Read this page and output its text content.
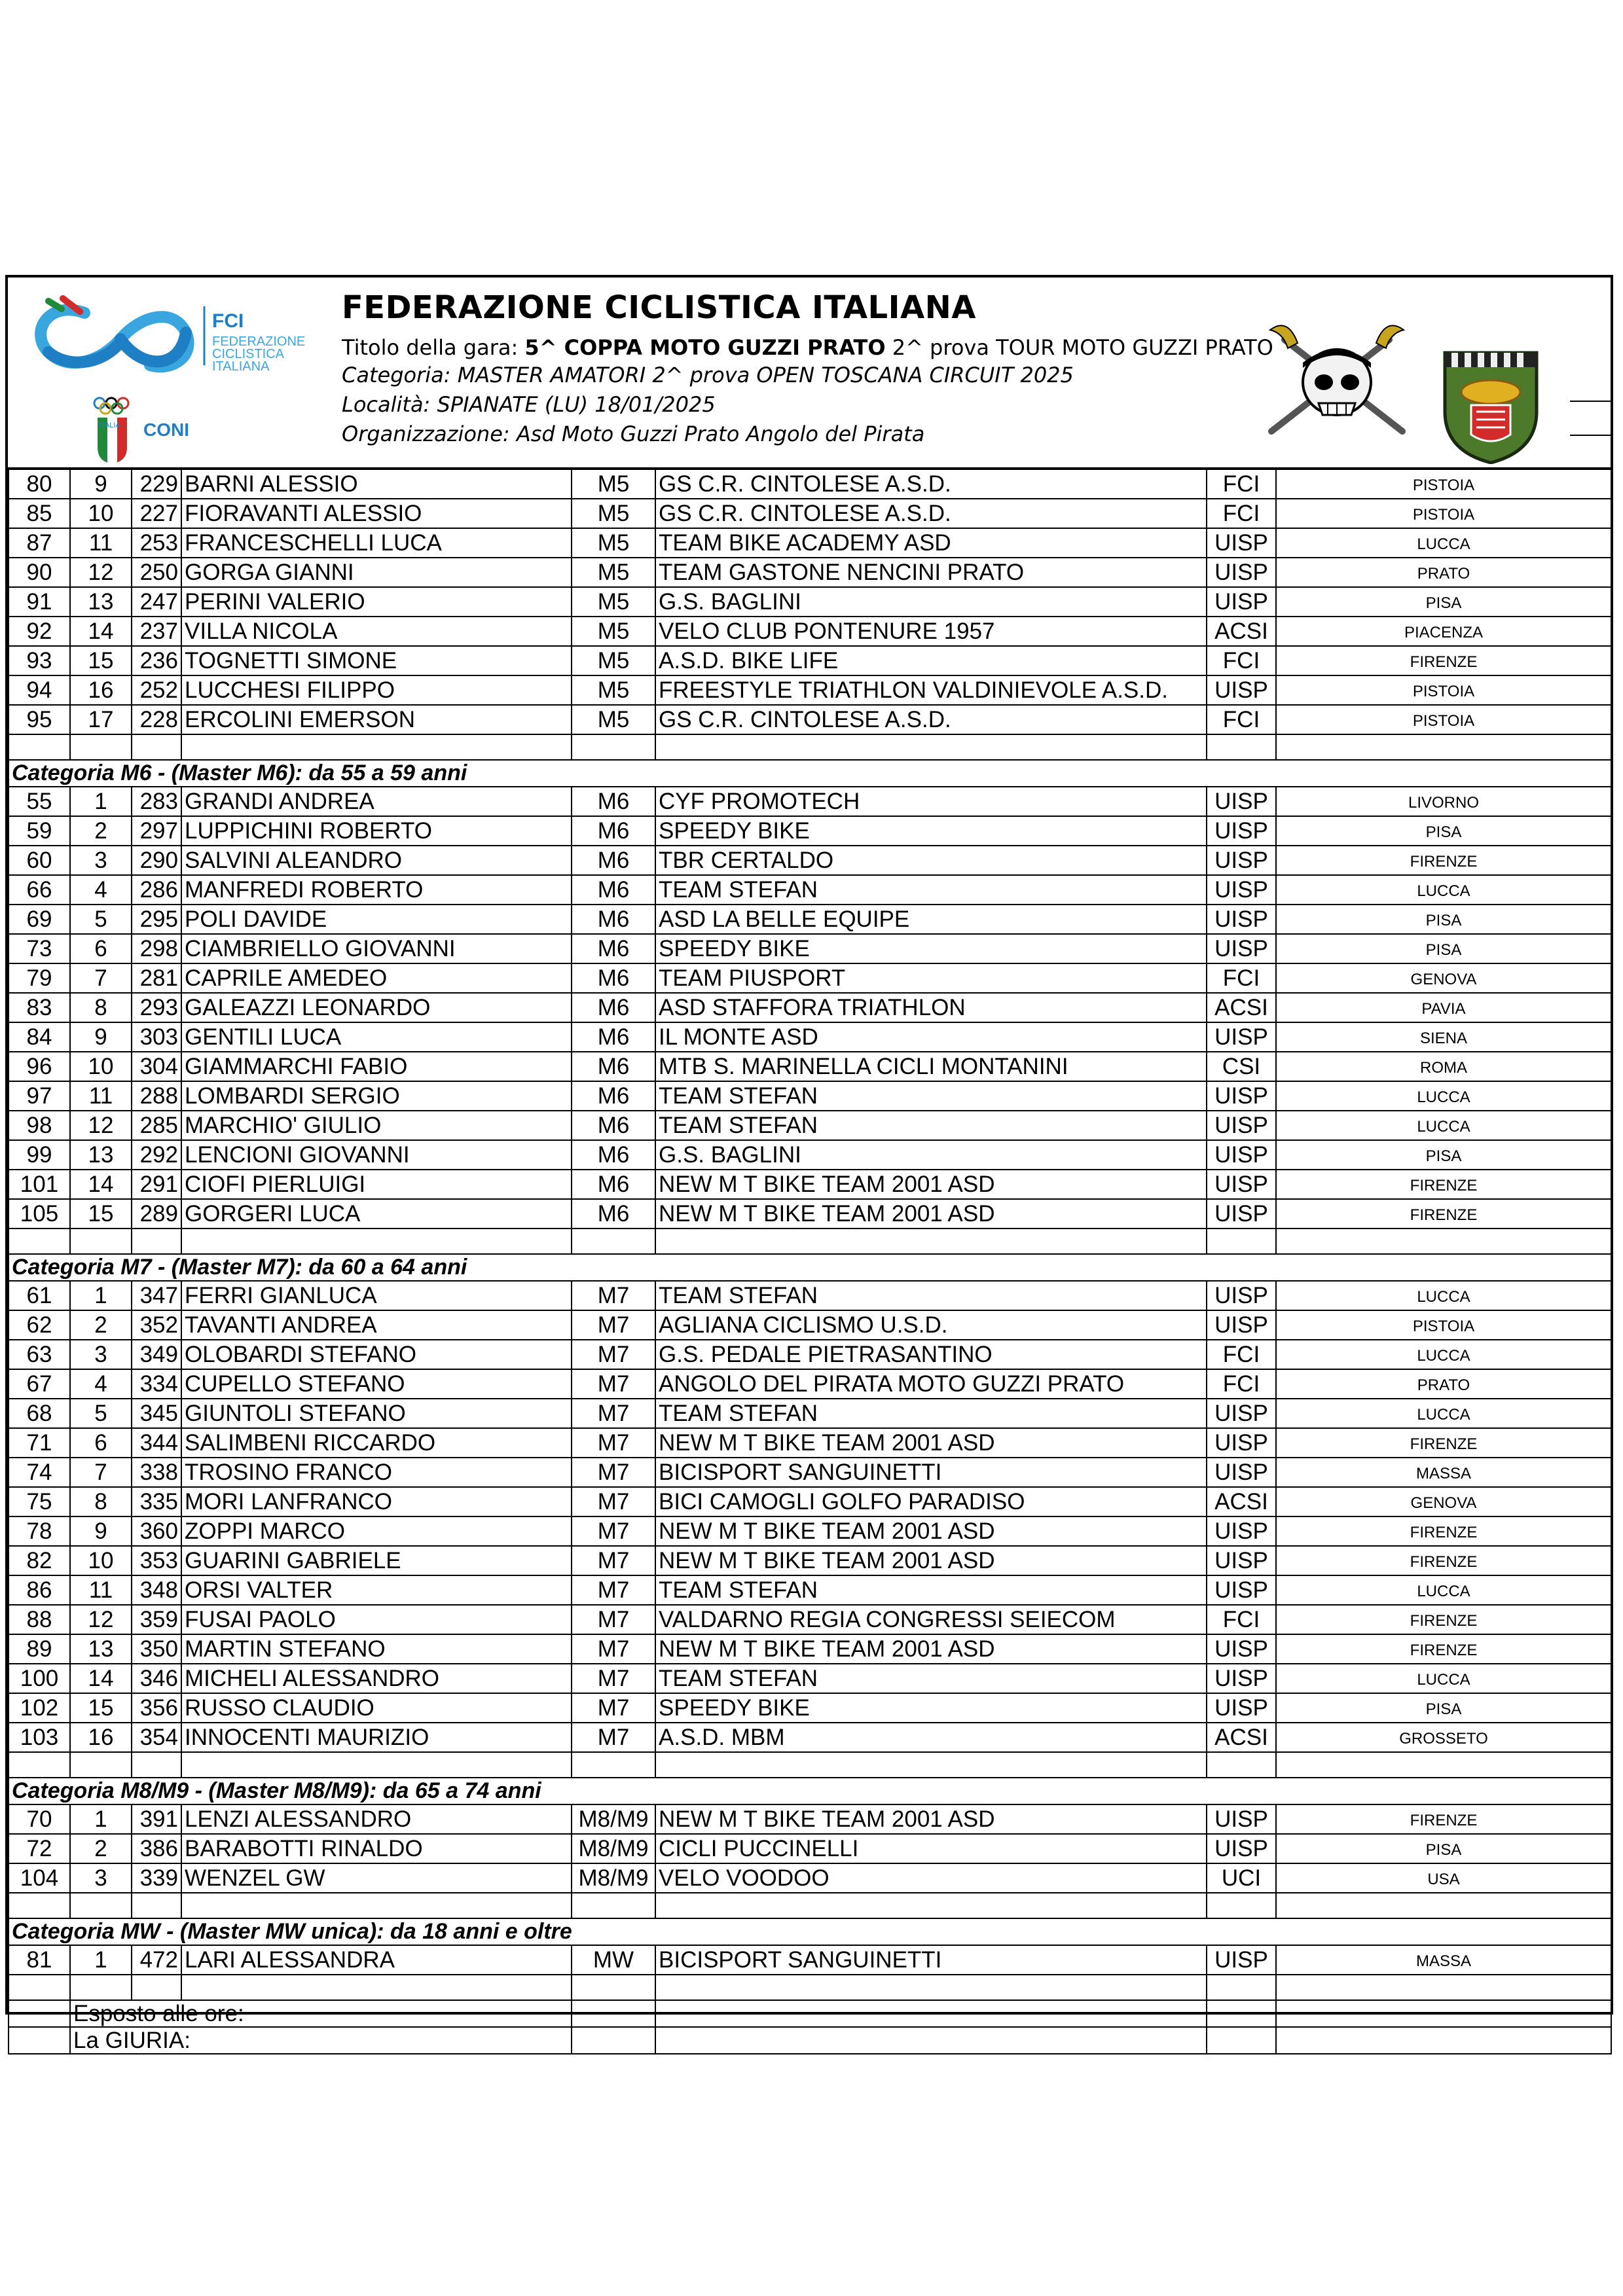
FCI
FEDERAZIONE
CICLISTICA
ITALIANA
ITALIA CONI
FEDERAZIONE CICLISTICA ITALIANA
Titolo della gara: 5^ COPPA MOTO GUZZI PRATO 2^ prova TOUR MOTO GUZZI PRATO
Categoria: MASTER AMATORI 2^ prova OPEN TOSCANA CIRCUIT 2025
Località: SPIANATE (LU) 18/01/2025
Organizzazione: Asd Moto Guzzi Prato Angolo del Pirata
80	9	229	BARNI ALESSIO	M5	GS C.R. CINTOLESE A.S.D.	FCI	PISTOIA
85	10	227	FIORAVANTI ALESSIO	M5	GS C.R. CINTOLESE A.S.D.	FCI	PISTOIA
87	11	253	FRANCESCHELLI LUCA	M5	TEAM BIKE ACADEMY ASD	UISP	LUCCA
90	12	250	GORGA GIANNI	M5	TEAM GASTONE NENCINI PRATO	UISP	PRATO
91	13	247	PERINI VALERIO	M5	G.S. BAGLINI	UISP	PISA
92	14	237	VILLA NICOLA	M5	VELO CLUB PONTENURE 1957	ACSI	PIACENZA
93	15	236	TOGNETTI SIMONE	M5	A.S.D. BIKE LIFE	FCI	FIRENZE
94	16	252	LUCCHESI FILIPPO	M5	FREESTYLE TRIATHLON VALDINIEVOLE A.S.D.	UISP	PISTOIA
95	17	228	ERCOLINI EMERSON	M5	GS C.R. CINTOLESE A.S.D.	FCI	PISTOIA

Categoria M6 - (Master M6): da 55 a 59 anni							
55	1	283	GRANDI ANDREA	M6	CYF PROMOTECH	UISP	LIVORNO
59	2	297	LUPPICHINI ROBERTO	M6	SPEEDY BIKE	UISP	PISA
60	3	290	SALVINI ALEANDRO	M6	TBR CERTALDO	UISP	FIRENZE
66	4	286	MANFREDI ROBERTO	M6	TEAM STEFAN	UISP	LUCCA
69	5	295	POLI DAVIDE	M6	ASD LA BELLE EQUIPE	UISP	PISA
73	6	298	CIAMBRIELLO GIOVANNI	M6	SPEEDY BIKE	UISP	PISA
79	7	281	CAPRILE AMEDEO	M6	TEAM PIUSPORT	FCI	GENOVA
83	8	293	GALEAZZI LEONARDO	M6	ASD STAFFORA TRIATHLON	ACSI	PAVIA
84	9	303	GENTILI LUCA	M6	IL MONTE ASD	UISP	SIENA
96	10	304	GIAMMARCHI FABIO	M6	MTB S. MARINELLA CICLI MONTANINI	CSI	ROMA
97	11	288	LOMBARDI SERGIO	M6	TEAM STEFAN	UISP	LUCCA
98	12	285	MARCHIO' GIULIO	M6	TEAM STEFAN	UISP	LUCCA
99	13	292	LENCIONI GIOVANNI	M6	G.S. BAGLINI	UISP	PISA
101	14	291	CIOFI PIERLUIGI	M6	NEW M T BIKE TEAM 2001 ASD	UISP	FIRENZE
105	15	289	GORGERI LUCA	M6	NEW M T BIKE TEAM 2001 ASD	UISP	FIRENZE

Categoria M7 - (Master M7): da 60 a 64 anni							
61	1	347	FERRI GIANLUCA	M7	TEAM STEFAN	UISP	LUCCA
62	2	352	TAVANTI ANDREA	M7	AGLIANA CICLISMO U.S.D.	UISP	PISTOIA
63	3	349	OLOBARDI STEFANO	M7	G.S. PEDALE PIETRASANTINO	FCI	LUCCA
67	4	334	CUPELLO STEFANO	M7	ANGOLO DEL PIRATA MOTO GUZZI PRATO	FCI	PRATO
68	5	345	GIUNTOLI STEFANO	M7	TEAM STEFAN	UISP	LUCCA
71	6	344	SALIMBENI RICCARDO	M7	NEW M T BIKE TEAM 2001 ASD	UISP	FIRENZE
74	7	338	TROSINO FRANCO	M7	BICISPORT SANGUINETTI	UISP	MASSA
75	8	335	MORI LANFRANCO	M7	BICI CAMOGLI GOLFO PARADISO	ACSI	GENOVA
78	9	360	ZOPPI MARCO	M7	NEW M T BIKE TEAM 2001 ASD	UISP	FIRENZE
82	10	353	GUARINI GABRIELE	M7	NEW M T BIKE TEAM 2001 ASD	UISP	FIRENZE
86	11	348	ORSI VALTER	M7	TEAM STEFAN	UISP	LUCCA
88	12	359	FUSAI PAOLO	M7	VALDARNO REGIA CONGRESSI SEIECOM	FCI	FIRENZE
89	13	350	MARTIN STEFANO	M7	NEW M T BIKE TEAM 2001 ASD	UISP	FIRENZE
100	14	346	MICHELI ALESSANDRO	M7	TEAM STEFAN	UISP	LUCCA
102	15	356	RUSSO CLAUDIO	M7	SPEEDY BIKE	UISP	PISA
103	16	354	INNOCENTI MAURIZIO	M7	A.S.D. MBM	ACSI	GROSSETO

Categoria M8/M9 - (Master M8/M9): da 65 a 74 anni							
70	1	391	LENZI ALESSANDRO	M8/M9	NEW M T BIKE TEAM 2001 ASD	UISP	FIRENZE
72	2	386	BARABOTTI RINALDO	M8/M9	CICLI PUCCINELLI	UISP	PISA
104	3	339	WENZEL GW	M8/M9	VELO VOODOO	UCI	USA

Categoria MW - (Master MW unica): da 18 anni e oltre							
81	1	472	LARI ALESSANDRA	MW	BICISPORT SANGUINETTI	UISP	MASSA

	Esposto alle ore:						
	La GIURIA:						
